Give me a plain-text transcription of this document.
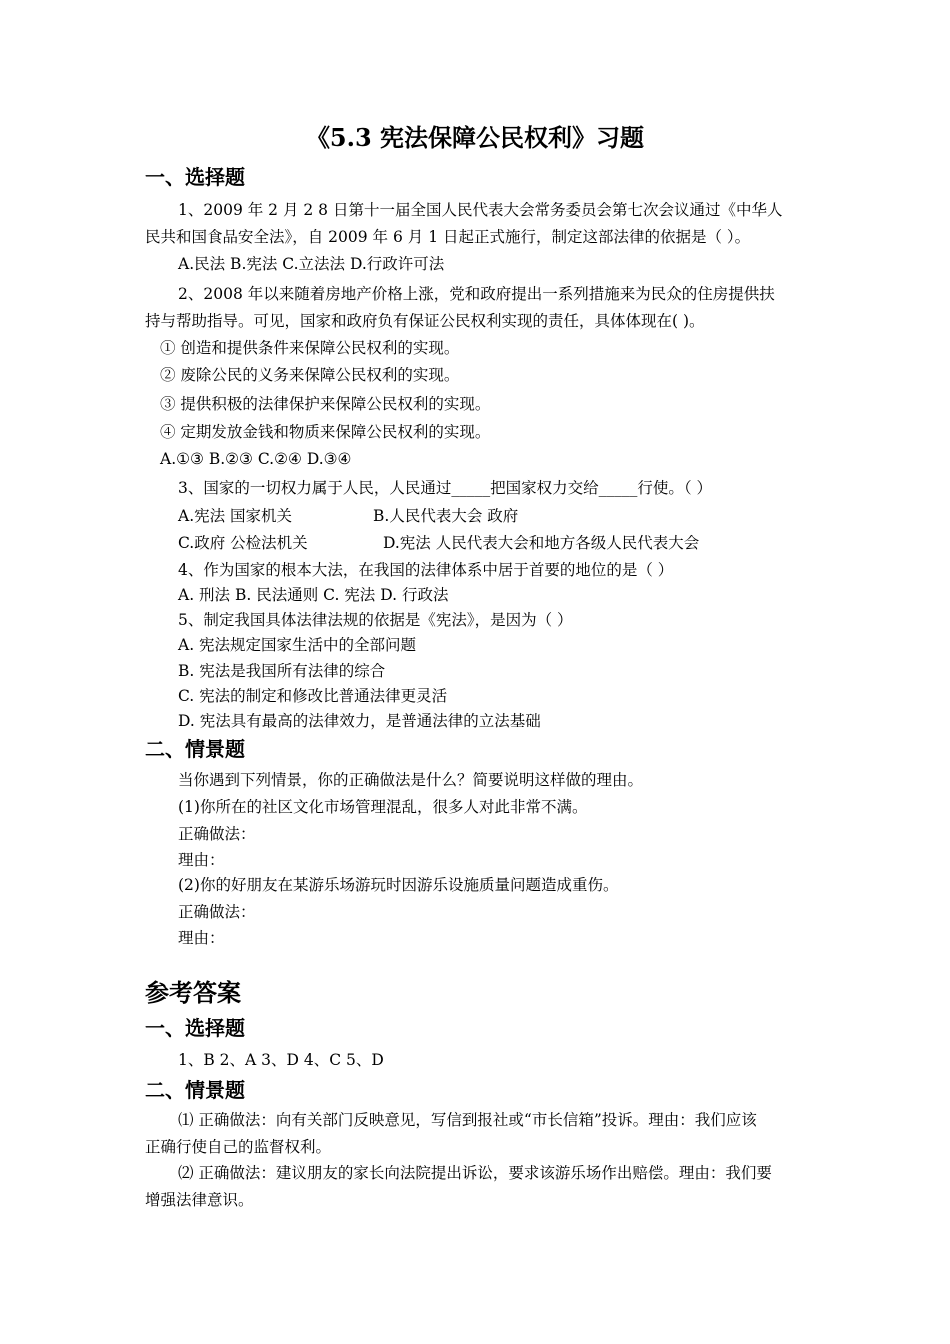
《5.3 宪法保障公民权利》习题
一、选择题
1、2009 年 2 月 2 8 日第十一届全国人民代表大会常务委员会第七次会议通过《中华人
民共和国食品安全法》，自 2009 年 6 月 1 日起正式施行，制定这部法律的依据是（ ）。
A.民法 B.宪法 C.立法法 D.行政许可法
2、2008 年以来随着房地产价格上涨，党和政府提出一系列措施来为民众的住房提供扶
持与帮助指导。可见，国家和政府负有保证公民权利实现的责任，具体体现在( )。
① 创造和提供条件来保障公民权利的实现。
② 废除公民的义务来保障公民权利的实现。
③ 提供积极的法律保护来保障公民权利的实现。
④ 定期发放金钱和物质来保障公民权利的实现。
A.①③ B.②③ C.②④ D.③④
3、国家的一切权力属于人民，人民通过_____把国家权力交给_____行使。（ ）
A.宪法 国家机关	B.人民代表大会 政府
C.政府 公检法机关	D.宪法 人民代表大会和地方各级人民代表大会
4、作为国家的根本大法，在我国的法律体系中居于首要的地位的是（ ）
A. 刑法 B. 民法通则 C. 宪法 D. 行政法
5、制定我国具体法律法规的依据是《宪法》，是因为（ ）
A. 宪法规定国家生活中的全部问题
B. 宪法是我国所有法律的综合
C. 宪法的制定和修改比普通法律更灵活
D. 宪法具有最高的法律效力，是普通法律的立法基础
二、情景题
当你遇到下列情景，你的正确做法是什么？简要说明这样做的理由。
(1)你所在的社区文化市场管理混乱，很多人对此非常不满。
正确做法：
理由：
(2)你的好朋友在某游乐场游玩时因游乐设施质量问题造成重伤。
正确做法：
理由：
参考答案
一、选择题
1、B 2、A 3、D 4、C 5、D
二、情景题
⑴ 正确做法：向有关部门反映意见，写信到报社或“市长信箱”投诉。理由：我们应该
正确行使自己的监督权利。
⑵ 正确做法：建议朋友的家长向法院提出诉讼，要求该游乐场作出赔偿。理由：我们要
增强法律意识。
